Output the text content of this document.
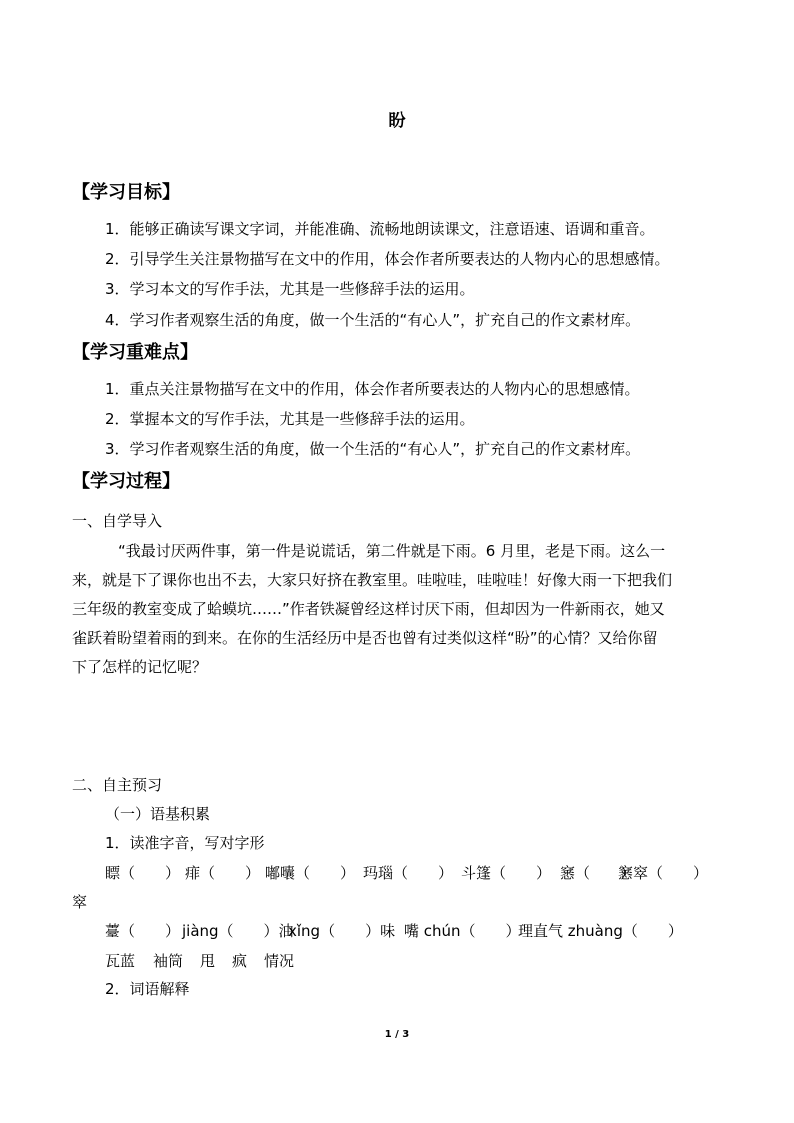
盼
【学习目标】
1．能够正确读写课文字词，并能准确、流畅地朗读课文，注意语速、语调和重音。
2．引导学生关注景物描写在文中的作用，体会作者所要表达的人物内心的思想感情。
3．学习本文的写作手法，尤其是一些修辞手法的运用。
4．学习作者观察生活的角度，做一个生活的“有心人”，扩充自己的作文素材库。
【学习重难点】
1．重点关注景物描写在文中的作用，体会作者所要表达的人物内心的思想感情。
2．掌握本文的写作手法，尤其是一些修辞手法的运用。
3．学习作者观察生活的角度，做一个生活的“有心人”，扩充自己的作文素材库。
【学习过程】
一、自学导入
“我最讨厌两件事，第一件是说谎话，第二件就是下雨。6 月里，老是下雨。这么一
来，就是下了课你也出不去，大家只好挤在教室里。哇啦哇，哇啦哇！好像大雨一下把我们
三年级的教室变成了蛤蟆坑……”作者铁凝曾经这样讨厌下雨，但却因为一件新雨衣，她又
雀跃着盼望着雨的到来。在你的生活经历中是否也曾有过类似这样“盼”的心情？又给你留
下了怎样的记忆呢？
二、自主预习
（一）语基积累
1．读准字音，写对字形
瞟（　　） 痱（　　） 嘟囔（　　） 玛瑙（　　） 斗篷（　　） 窸（　　）
窸窣（　　）
窣
薹（　　） jiàng（　　）油
xǐng（　　）味 嘴 chún（　　）
理直气 zhuàng（　　）
瓦蓝 袖筒 甩 疯 情况
2．词语解释
1 / 3
